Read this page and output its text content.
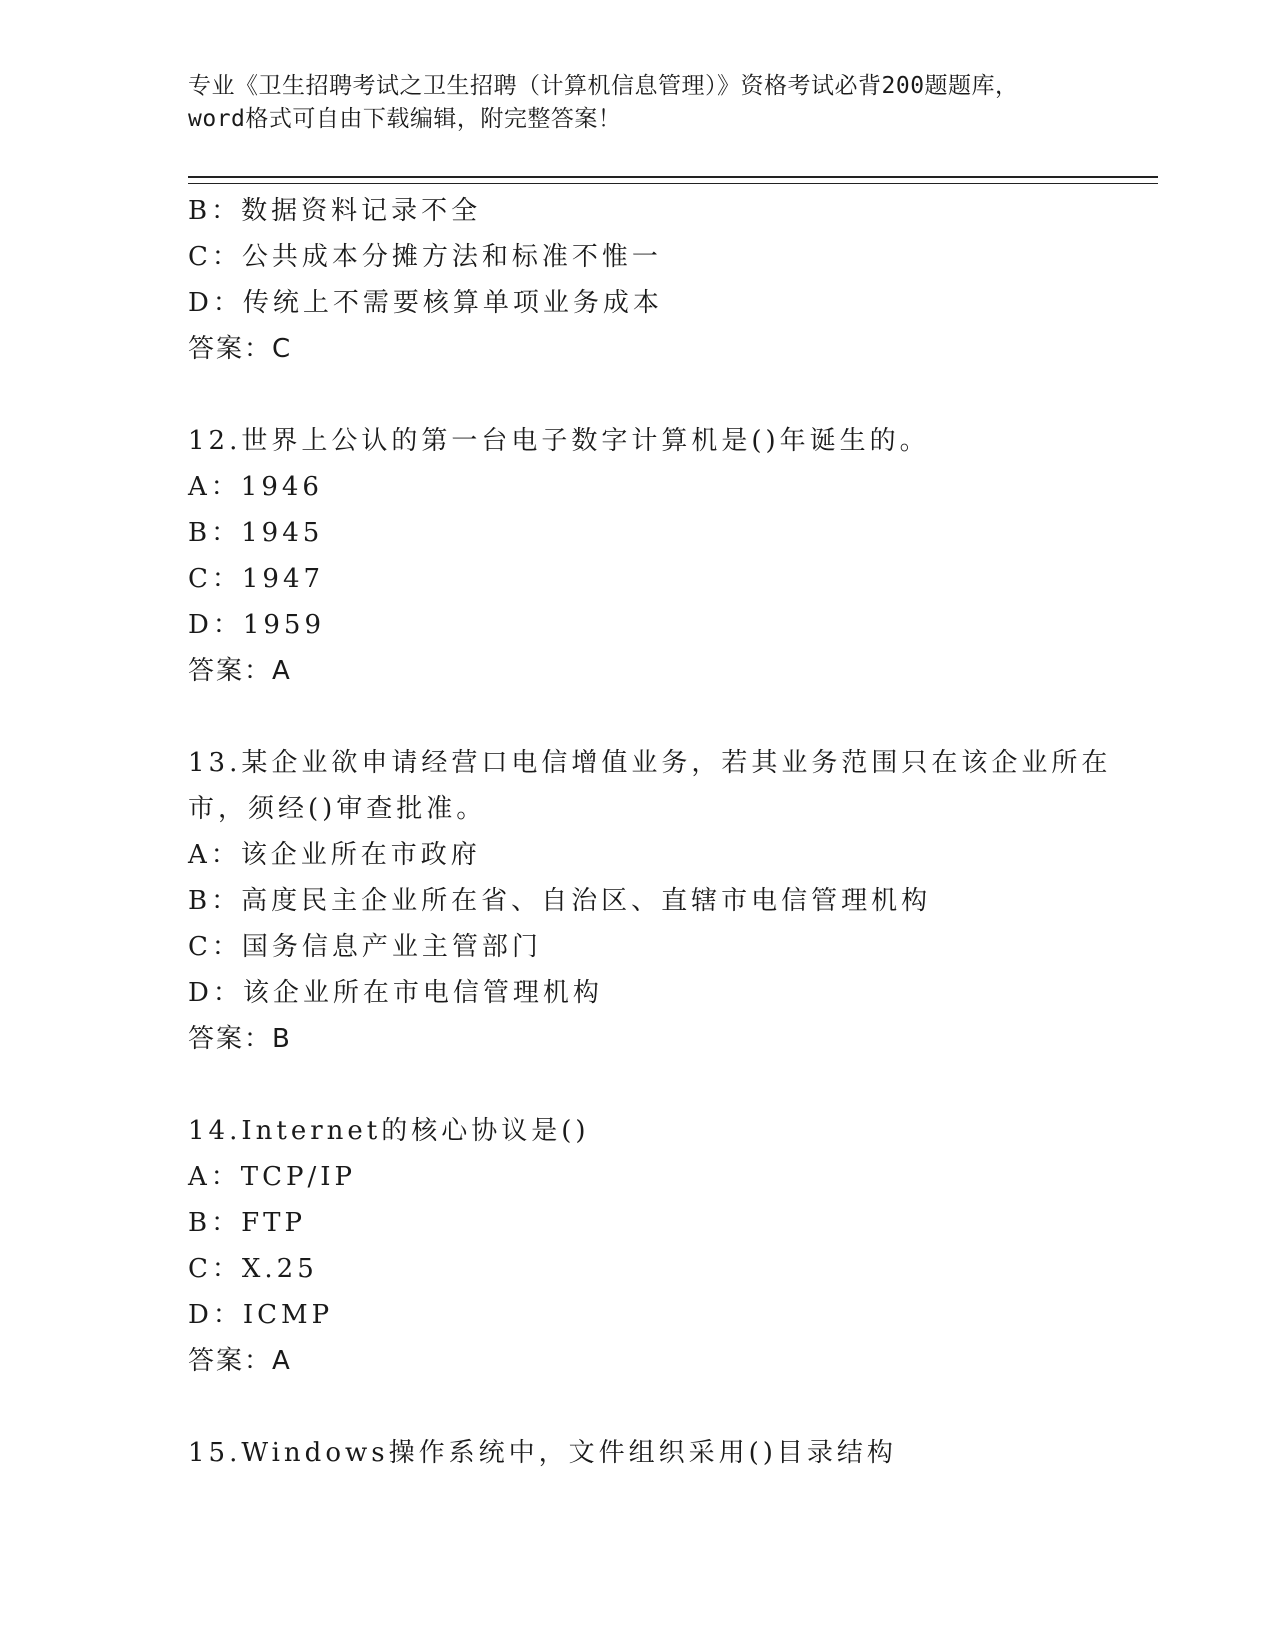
专业《卫生招聘考试之卫生招聘（计算机信息管理）》资格考试必背200题题库，
word格式可自由下载编辑，附完整答案！
B：数据资料记录不全
C：公共成本分摊方法和标准不惟一
D：传统上不需要核算单项业务成本
答案：C
12.世界上公认的第一台电子数字计算机是()年诞生的。
A：1946
B：1945
C：1947
D：1959
答案：A
13.某企业欲申请经营口电信增值业务，若其业务范围只在该企业所在
市，须经()审查批准。
A：该企业所在市政府
B：高度民主企业所在省、自治区、直辖市电信管理机构
C：国务信息产业主管部门
D：该企业所在市电信管理机构
答案：B
14.Internet的核心协议是()
A：TCP/IP
B：FTP
C：X.25
D：ICMP
答案：A
15.Windows操作系统中，文件组织采用()目录结构
